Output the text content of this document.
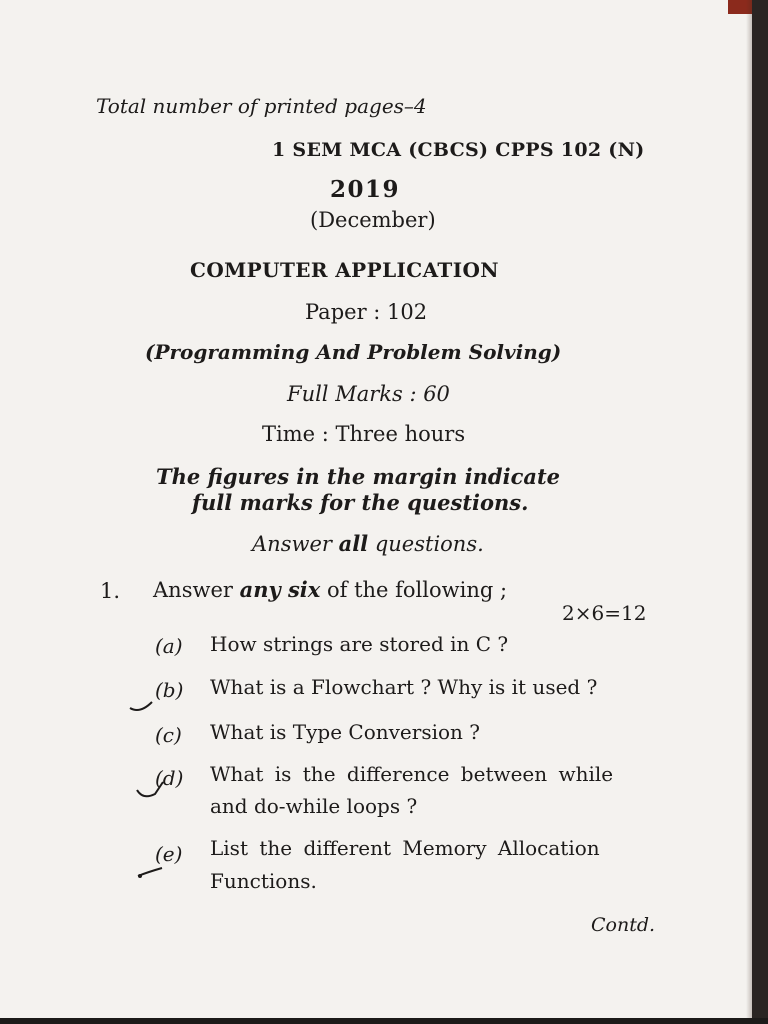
Total number of printed pages–4
1 SEM MCA (CBCS) CPPS 102 (N)
2019
(December)
COMPUTER APPLICATION
Paper : 102
(Programming And Problem Solving)
Full Marks : 60
Time : Three hours
The figures in the margin indicate
full marks for the questions.
Answer all questions.
1. Answer any six of the following ;
2×6=12
(a) How strings are stored in C ?
(b) What is a Flowchart ? Why is it used ?
(c) What is Type Conversion ?
(d) What is the difference between while
and do-while loops ?
(e) List the different Memory Allocation
Functions.
Contd.
